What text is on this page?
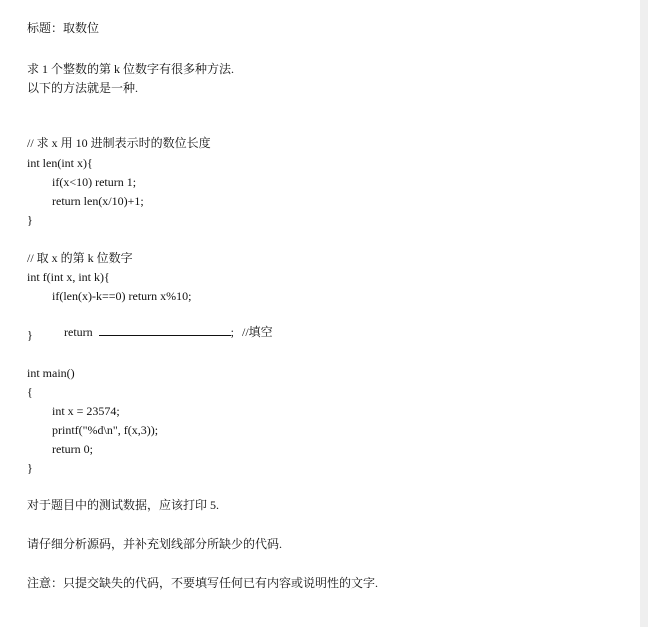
标题：取数位
求 1 个整数的第 k 位数字有很多种方法.
以下的方法就是一种.
// 求 x 用 10 进制表示时的数位长度
int len(int x){
if(x<10) return 1;
return len(x/10)+1;
}
// 取 x 的第 k 位数字
int f(int x, int k){
if(len(x)-k==0) return x%10;

return	; //填空

}
int main()
{
int x = 23574;
printf("%d\n", f(x,3));
return 0;
}
对于题目中的测试数据，应该打印 5.
请仔细分析源码，并补充划线部分所缺少的代码.
注意：只提交缺失的代码，不要填写任何已有内容或说明性的文字.
